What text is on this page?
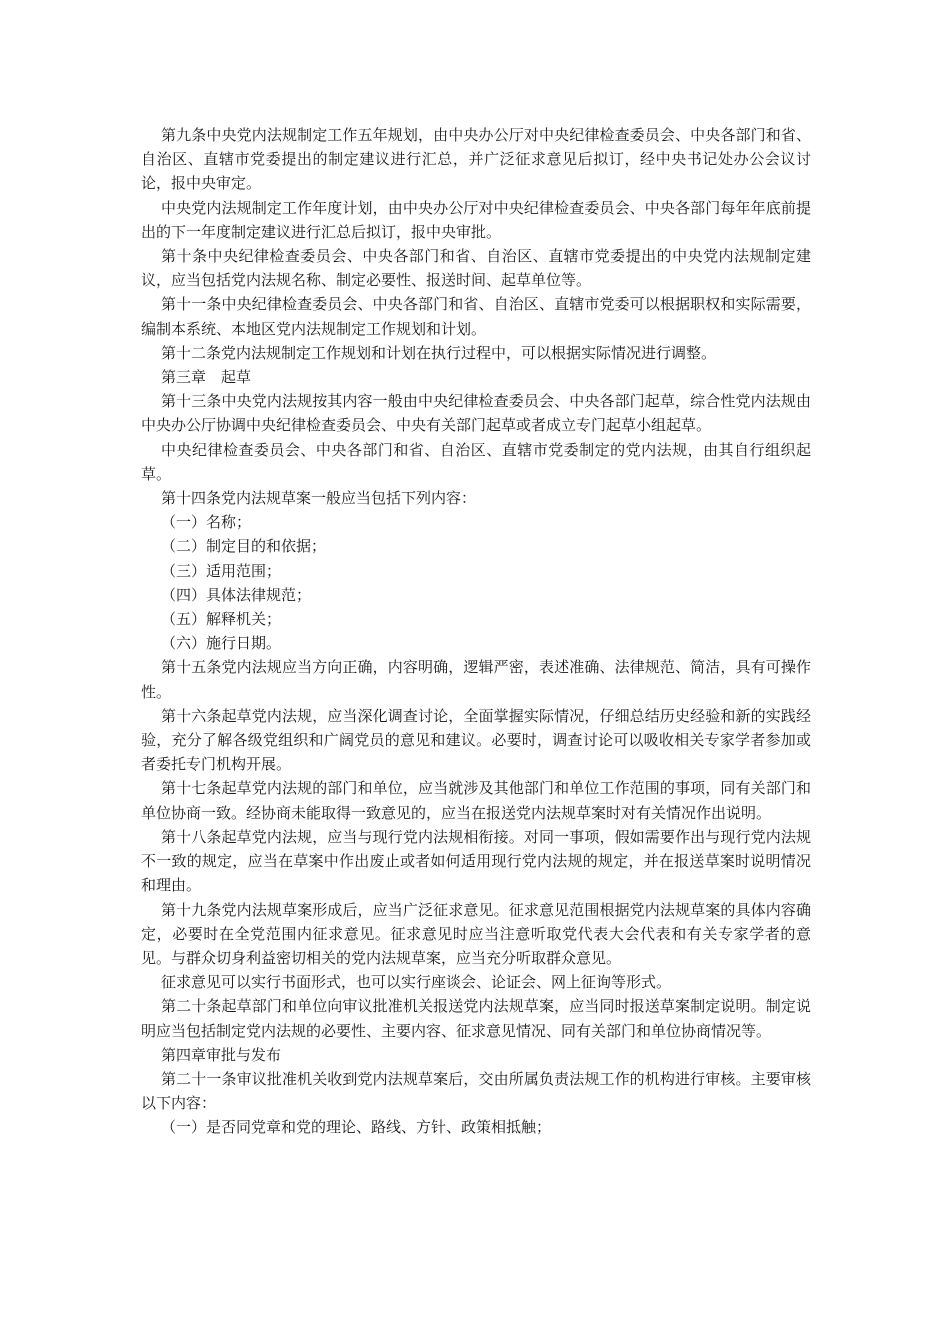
第九条中央党内法规制定工作五年规划，由中央办公厅对中央纪律检查委员会、中央各部门和省、自治区、直辖市党委提出的制定建议进行汇总，并广泛征求意见后拟订，经中央书记处办公会议讨论，报中央审定。

中央党内法规制定工作年度计划，由中央办公厅对中央纪律检查委员会、中央各部门每年年底前提出的下一年度制定建议进行汇总后拟订，报中央审批。

第十条中央纪律检查委员会、中央各部门和省、自治区、直辖市党委提出的中央党内法规制定建议，应当包括党内法规名称、制定必要性、报送时间、起草单位等。

第十一条中央纪律检查委员会、中央各部门和省、自治区、直辖市党委可以根据职权和实际需要，编制本系统、本地区党内法规制定工作规划和计划。

第十二条党内法规制定工作规划和计划在执行过程中，可以根据实际情况进行调整。

第三章　起草

第十三条中央党内法规按其内容一般由中央纪律检查委员会、中央各部门起草，综合性党内法规由中央办公厅协调中央纪律检查委员会、中央有关部门起草或者成立专门起草小组起草。

中央纪律检查委员会、中央各部门和省、自治区、直辖市党委制定的党内法规，由其自行组织起草。

第十四条党内法规草案一般应当包括下列内容：

（一）名称；

（二）制定目的和依据；

（三）适用范围；

（四）具体法律规范；

（五）解释机关；

（六）施行日期。

第十五条党内法规应当方向正确，内容明确，逻辑严密，表述准确、法律规范、简洁，具有可操作性。

第十六条起草党内法规，应当深化调查讨论，全面掌握实际情况，仔细总结历史经验和新的实践经验，充分了解各级党组织和广阔党员的意见和建议。必要时，调查讨论可以吸收相关专家学者参加或者委托专门机构开展。

第十七条起草党内法规的部门和单位，应当就涉及其他部门和单位工作范围的事项，同有关部门和单位协商一致。经协商未能取得一致意见的，应当在报送党内法规草案时对有关情况作出说明。

第十八条起草党内法规，应当与现行党内法规相衔接。对同一事项，假如需要作出与现行党内法规不一致的规定，应当在草案中作出废止或者如何适用现行党内法规的规定，并在报送草案时说明情况和理由。

第十九条党内法规草案形成后，应当广泛征求意见。征求意见范围根据党内法规草案的具体内容确定，必要时在全党范围内征求意见。征求意见时应当注意听取党代表大会代表和有关专家学者的意见。与群众切身利益密切相关的党内法规草案，应当充分听取群众意见。

征求意见可以实行书面形式，也可以实行座谈会、论证会、网上征询等形式。

第二十条起草部门和单位向审议批准机关报送党内法规草案，应当同时报送草案制定说明。制定说明应当包括制定党内法规的必要性、主要内容、征求意见情况、同有关部门和单位协商情况等。

第四章审批与发布

第二十一条审议批准机关收到党内法规草案后，交由所属负责法规工作的机构进行审核。主要审核以下内容：

（一）是否同党章和党的理论、路线、方针、政策相抵触；
